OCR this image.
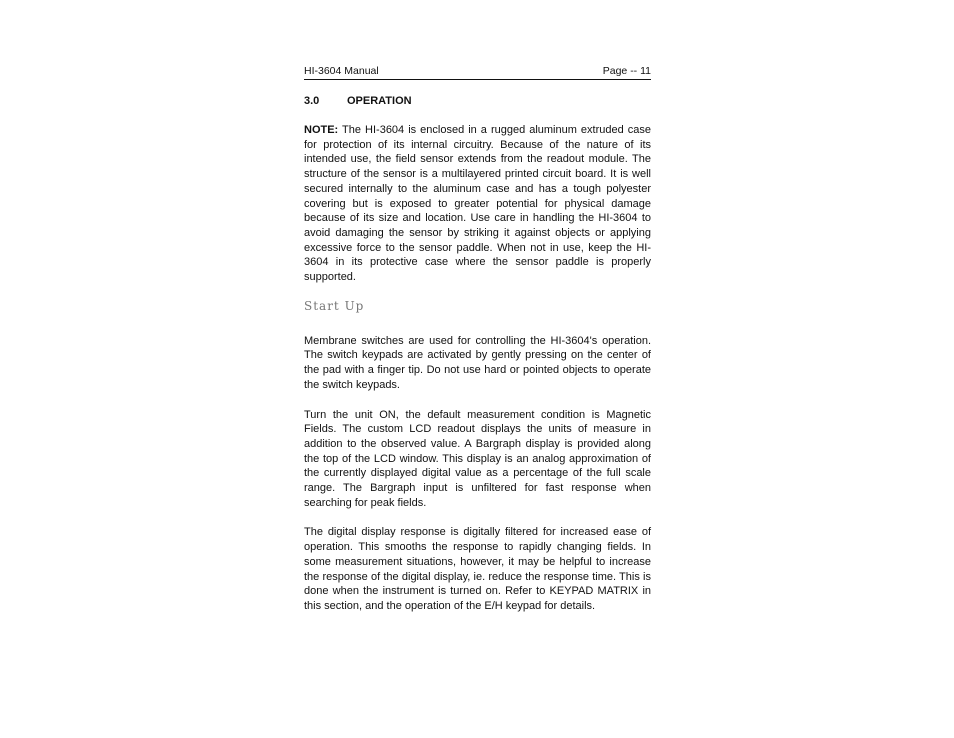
HI-3604 Manual	Page -- 11
3.0	OPERATION

NOTE: The HI-3604 is enclosed in a rugged aluminum extruded case for protection of its internal circuitry. Because of the nature of its intended use, the field sensor extends from the readout module. The structure of the sensor is a multilayered printed circuit board. It is well secured internally to the aluminum case and has a tough polyester covering but is exposed to greater potential for physical damage because of its size and location. Use care in handling the HI-3604 to avoid damaging the sensor by striking it against objects or applying excessive force to the sensor paddle. When not in use, keep the HI-3604 in its protective case where the sensor paddle is properly supported.

Start Up

Membrane switches are used for controlling the HI-3604's operation. The switch keypads are activated by gently pressing on the center of the pad with a finger tip. Do not use hard or pointed objects to operate the switch keypads.

Turn the unit ON, the default measurement condition is Magnetic Fields. The custom LCD readout displays the units of measure in addition to the observed value. A Bargraph display is provided along the top of the LCD window. This display is an analog approximation of the currently displayed digital value as a percentage of the full scale range. The Bargraph input is unfiltered for fast response when searching for peak fields.

The digital display response is digitally filtered for increased ease of operation. This smooths the response to rapidly changing fields. In some measurement situations, however, it may be helpful to increase the response of the digital display, ie. reduce the response time. This is done when the instrument is turned on. Refer to KEYPAD MATRIX in this section, and the operation of the E/H keypad for details.
